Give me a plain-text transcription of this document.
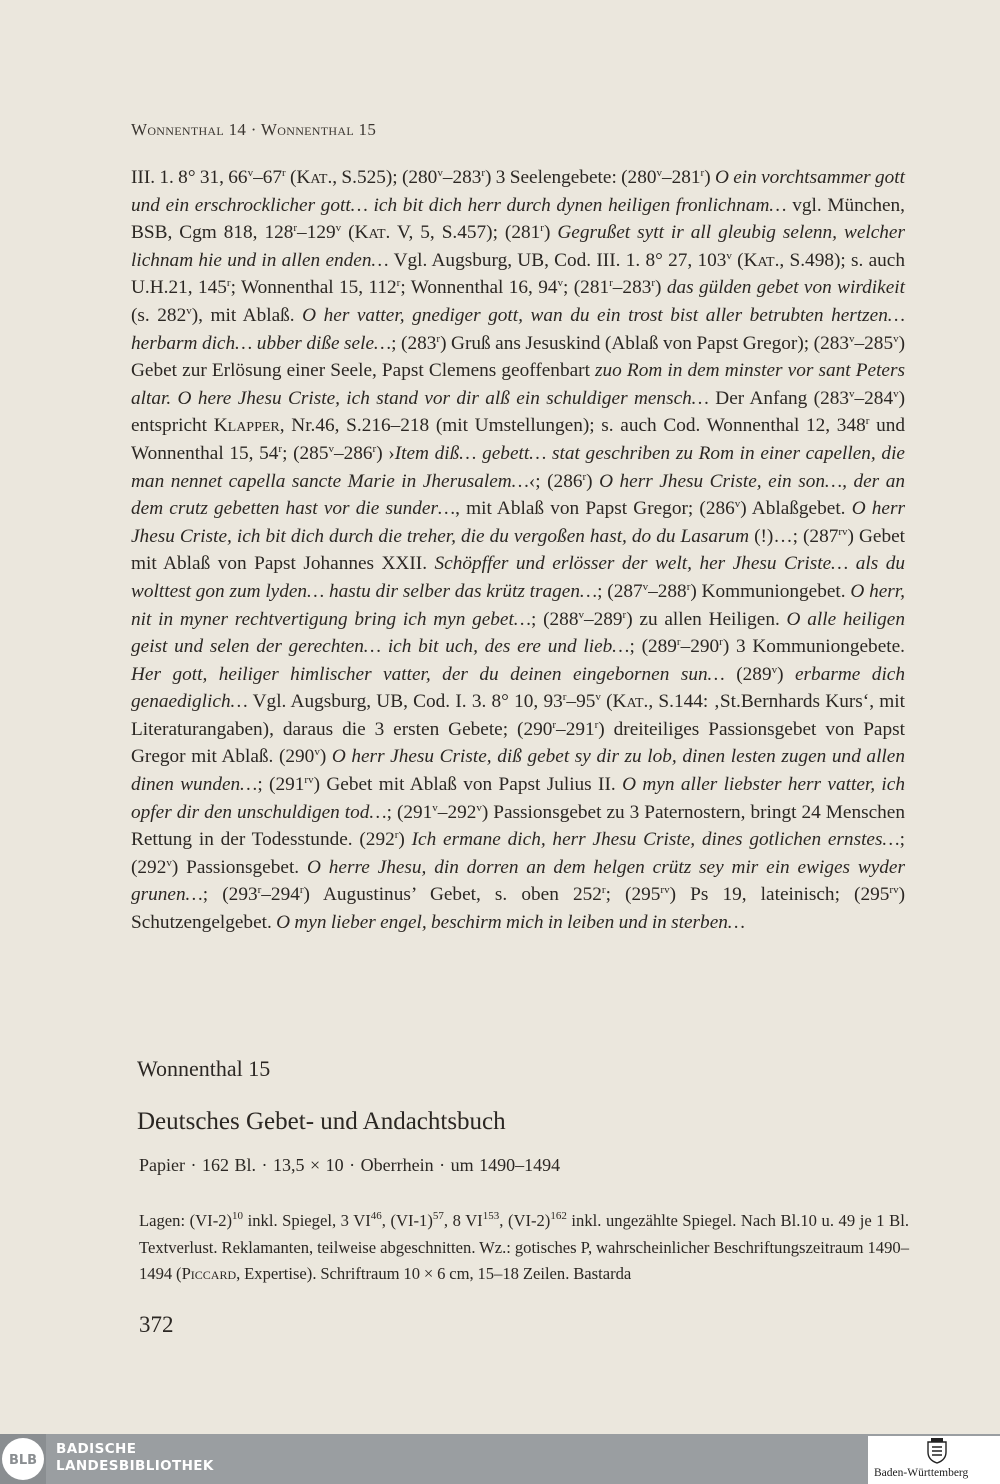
Wonnenthal 14 · Wonnenthal 15
III. 1. 8° 31, 66$^v$–67$^r$ (Kat., S.525); (280$^v$–283$^r$) 3 Seelengebete: (280$^v$–281$^r$) O ein vorchtsammer gott und ein erschrocklicher gott… ich bit dich herr durch dynen heiligen fronlichnam… vgl. München, BSB, Cgm 818, 128$^r$–129$^v$ (Kat. V, 5, S.457); (281$^r$) Gegrußet sytt ir all gleubig selenn, welcher lichnam hie und in allen enden… Vgl. Augsburg, UB, Cod. III. 1. 8° 27, 103$^v$ (Kat., S.498); s. auch U.H.21, 145$^r$; Wonnenthal 15, 112$^r$; Wonnenthal 16, 94$^v$; (281$^r$–283$^r$) das gülden gebet von wirdikeit (s. 282$^v$), mit Ablaß. O her vatter, gnediger gott, wan du ein trost bist aller betrubten hertzen… herbarm dich… ubber diße sele…; (283$^r$) Gruß ans Jesuskind (Ablaß von Papst Gregor); (283$^v$–285$^v$) Gebet zur Erlösung einer Seele, Papst Clemens geoffenbart zuo Rom in dem minster vor sant Peters altar. O here Jhesu Criste, ich stand vor dir alß ein schuldiger mensch… Der Anfang (283$^v$–284$^v$) entspricht Klapper, Nr.46, S.216–218 (mit Umstellungen); s. auch Cod. Wonnenthal 12, 348$^r$ und Wonnenthal 15, 54$^r$; (285$^v$–286$^r$) ›Item diß… gebett… stat geschriben zu Rom in einer capellen, die man nennet capella sancte Marie in Jherusalem…‹; (286$^r$) O herr Jhesu Criste, ein son…, der an dem crutz gebetten hast vor die sunder…, mit Ablaß von Papst Gregor; (286$^v$) Ablaßgebet. O herr Jhesu Criste, ich bit dich durch die treher, die du vergoßen hast, do du Lasarum (!)…; $(287^{rv})$ Gebet mit Ablaß von Papst Johannes XXII. Schöpffer und erlösser der welt, her Jhesu Criste… als du wolttest gon zum lyden… hastu dir selber das krütz tragen…; (287$^v$–288$^r$) Kommuniongebet. O herr, nit in myner rechtvertigung bring ich myn gebet…; (288$^v$–289$^r$) zu allen Heiligen. O alle heiligen geist und selen der gerechten… ich bit uch, des ere und lieb…; (289$^r$–290$^r$) 3 Kommuniongebete. Her gott, heiliger himlischer vatter, der du deinen eingebornen sun… (289$^v$) erbarme dich genaediglich… Vgl. Augsburg, UB, Cod. I. 3. 8° 10, 93$^r$–95$^v$ (Kat., S.144: ‚St.Bernhards Kurs‘, mit Literaturangaben), daraus die 3 ersten Gebete; (290$^r$–291$^r$) dreiteiliges Passionsgebet von Papst Gregor mit Ablaß. (290$^v$) O herr Jhesu Criste, diß gebet sy dir zu lob, dinen lesten zugen und allen dinen wunden…; $(291^{rv})$ Gebet mit Ablaß von Papst Julius II. O myn aller liebster herr vatter, ich opfer dir den unschuldigen tod…; (291$^v$–292$^v$) Passionsgebet zu 3 Paternostern, bringt 24 Menschen Rettung in der Todesstunde. (292$^r$) Ich ermane dich, herr Jhesu Criste, dines gotlichen ernstes…; (292$^v$) Passionsgebet. O herre Jhesu, din dorren an dem helgen crütz sey mir ein ewiges wyder grunen…; (293$^r$–294$^r$) Augustinus’ Gebet, s. oben 252$^r$; $(295^{rv})$ Ps 19, lateinisch; $(295^{rv})$ Schutzengelgebet. O myn lieber engel, beschirm mich in leiben und in sterben…
Wonnenthal 15
Deutsches Gebet- und Andachtsbuch
Papier · 162 Bl. · 13,5 × 10 · Oberrhein · um 1490–1494
Lagen: $(VI-2)^{10}$ inkl. Spiegel, 3 VI$^{46}$, $(VI-1)^{57}$, 8 VI$^{153}$, $(VI-2)^{162}$ inkl. ungezählte Spiegel. Nach Bl.10 u. 49 je 1 Bl. Textverlust. Reklamanten, teilweise abgeschnitten. Wz.: gotisches P, wahrscheinlicher Beschriftungszeitraum 1490–1494 (Piccard, Expertise). Schriftraum 10 × 6 cm, 15–18 Zeilen. Bastarda
372
BLB
BADISCHE
LANDESBIBLIOTHEK	Baden-Württemberg
